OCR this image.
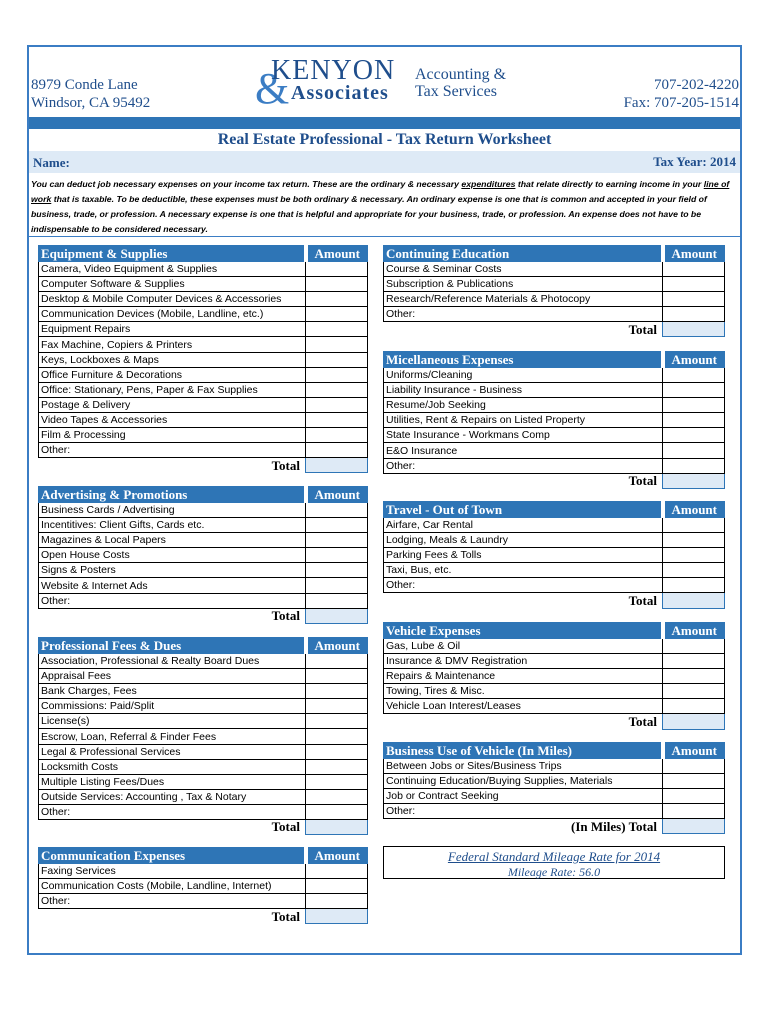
8979 Conde Lane
Windsor, CA 95492 &
KENYON
Associates
Accounting &
Tax Services	707-202-4220
Fax: 707-205-1514
Real Estate Professional - Tax Return Worksheet
Name:	Tax Year: 2014
You can deduct job necessary expenses on your income tax return. These are the ordinary & necessary expenditures that relate directly to earning income in your line of work that is taxable. To be deductible, these expenses must be both ordinary & necessary. An ordinary expense is one that is common and accepted in your field of business, trade, or profession. A necessary expense is one that is helpful and appropriate for your business, trade, or profession. An expense does not have to be indispensable to be considered necessary.
Equipment & Supplies	Amount
Camera, Video Equipment & Supplies	
Computer Software & Supplies	
Desktop & Mobile Computer Devices & Accessories	
Communication Devices (Mobile, Landline, etc.)	
Equipment Repairs	
Fax Machine, Copiers & Printers	
Keys, Lockboxes & Maps	
Office Furniture & Decorations	
Office: Stationary, Pens, Paper & Fax Supplies	
Postage & Delivery	
Video Tapes & Accessories	
Film & Processing	
Other:	
Total	
Advertising & Promotions	Amount
Business Cards / Advertising	
Incentitives: Client Gifts, Cards etc.	
Magazines & Local Papers	
Open House Costs	
Signs & Posters	
Website & Internet Ads	
Other:	
Total	
Professional Fees & Dues	Amount
Association, Professional & Realty Board Dues	
Appraisal Fees	
Bank Charges, Fees	
Commissions: Paid/Split	
License(s)	
Escrow, Loan, Referral & Finder Fees	
Legal & Professional Services	
Locksmith Costs	
Multiple Listing Fees/Dues	
Outside Services: Accounting , Tax & Notary	
Other:	
Total	
Communication Expenses	Amount
Faxing Services	
Communication Costs (Mobile, Landline, Internet)	
Other:	
Total	
Continuing Education	Amount
Course & Seminar Costs	
Subscription & Publications	
Research/Reference Materials & Photocopy	
Other:	
Total	
Micellaneous Expenses	Amount
Uniforms/Cleaning	
Liability Insurance - Business	
Resume/Job Seeking	
Utilities, Rent & Repairs on Listed Property	
State Insurance - Workmans Comp	
E&O Insurance	
Other:	
Total	
Travel - Out of Town	Amount
Airfare, Car Rental	
Lodging, Meals & Laundry	
Parking Fees & Tolls	
Taxi, Bus, etc.	
Other:	
Total	
Vehicle Expenses	Amount
Gas, Lube & Oil	
Insurance & DMV Registration	
Repairs & Maintenance	
Towing, Tires & Misc.	
Vehicle Loan Interest/Leases	
Total	
Business Use of Vehicle (In Miles)	Amount
Between Jobs or Sites/Business Trips	
Continuing Education/Buying Supplies, Materials	
Job or Contract Seeking	
Other:	
(In Miles) Total	
Federal Standard Mileage Rate for 2014
Mileage Rate: 56.0
